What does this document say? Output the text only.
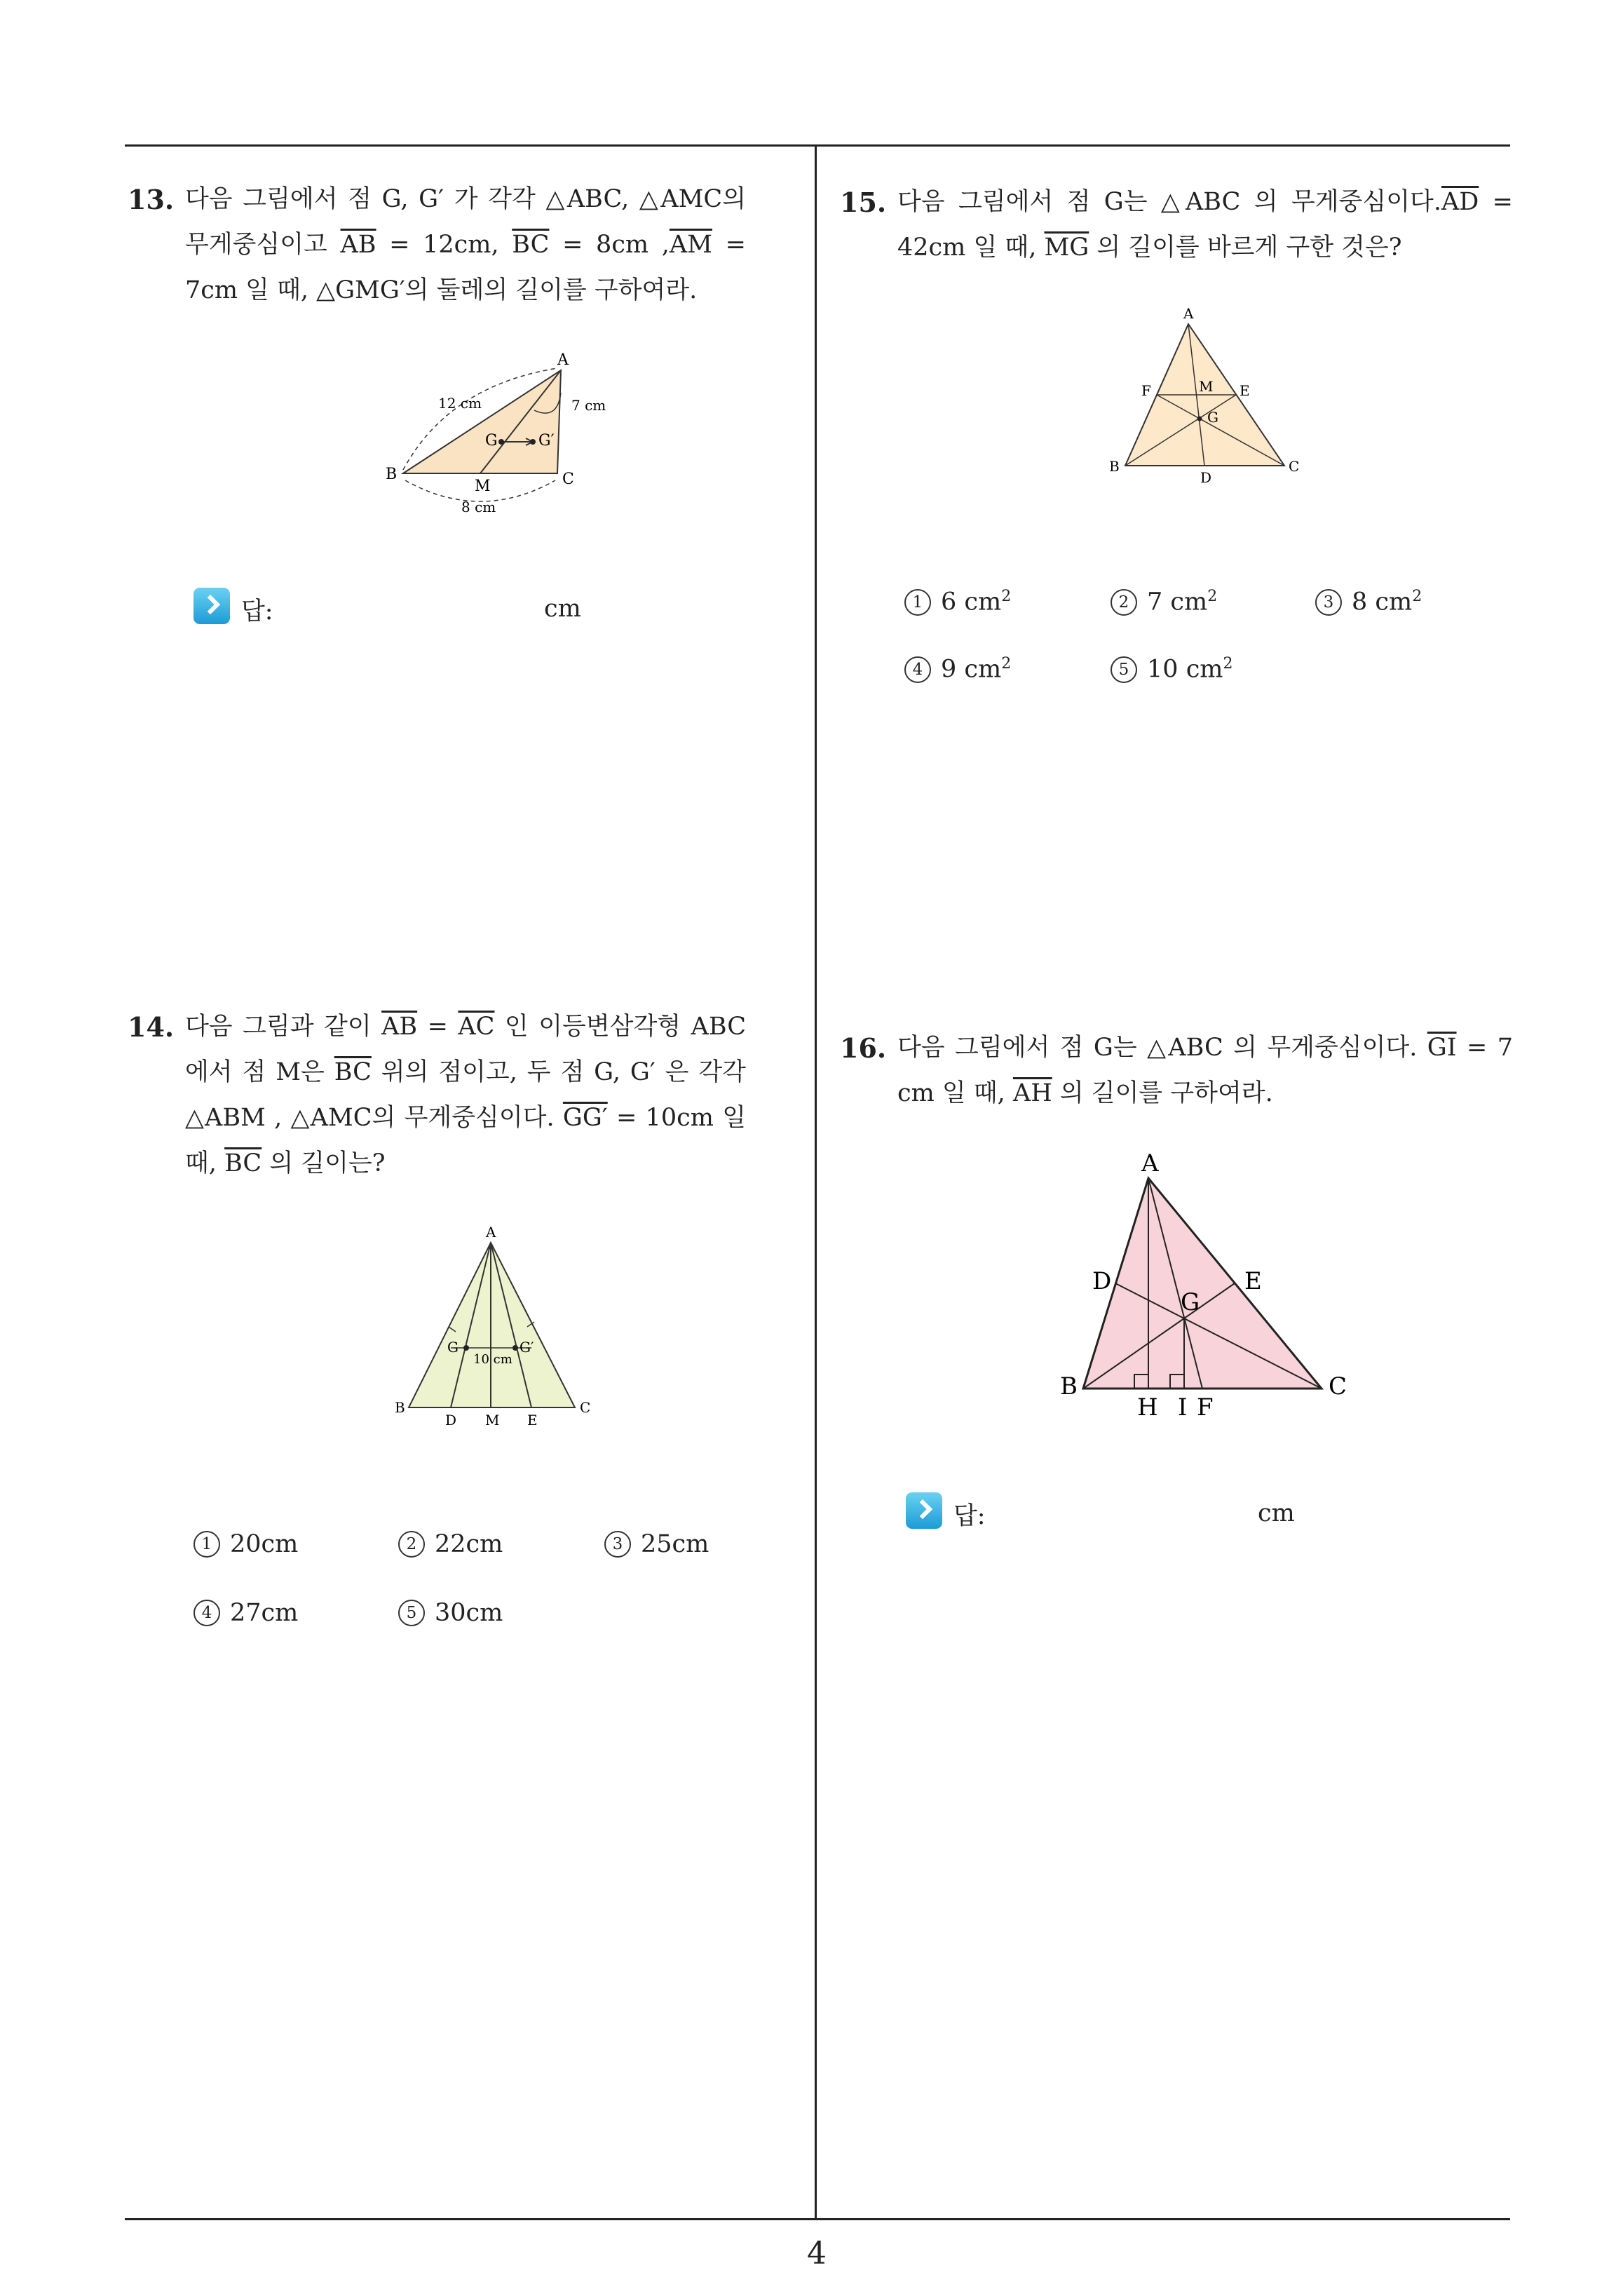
4
13. 다음 그림에서 점 G, G′ 가 각각 △ABC, △AMC의 무게중심이고 $\overline{AB} = 12cm$, $\overline{BC} = 8cm$ $,\overline{AM} = 7cm$ 일 때, △GMG′의 둘레의 길이를 구하여라.
A
B	C
M
G	G′
12 cm	7 cm
8 cm
답:	cm
14. 다음 그림과 같이 $\overline{AB} = \overline{AC}$ 인 이등변삼각형 ABC 에서 점 M은 $\overline{BC}$ 위의 점이고, 두 점 G, G′ 은 각각 △ABM , △AMC의 무게중심이다. GG′ = 10cm 일 때, $\overline{BC}$ 의 길이는?
A
B	C
D M E
G	G′
10 cm
1 20cm	2 22cm	3 25cm
4 27cm	5 30cm
15. 다음 그림에서 점 G는 △ABC 의 무게중심이다$.\overline{AD} = 42cm$ 일 때, $\overline{MG}$ 의 길이를 바르게 구한 것은?
A
B	C
D
E
F	M
G
1 6 $cm^2$	2 7 $cm^2$	3 8 $cm^2$
4 9 $cm^2$	5 10 $cm^2$
16. 다음 그림에서 점 G는 △ABC 의 무게중심이다. $\overline{GI} = 7$ cm 일 때, $\overline{AH}$ 의 길이를 구하여라.
A
B	C
D	E
G
H I F
답:	cm
